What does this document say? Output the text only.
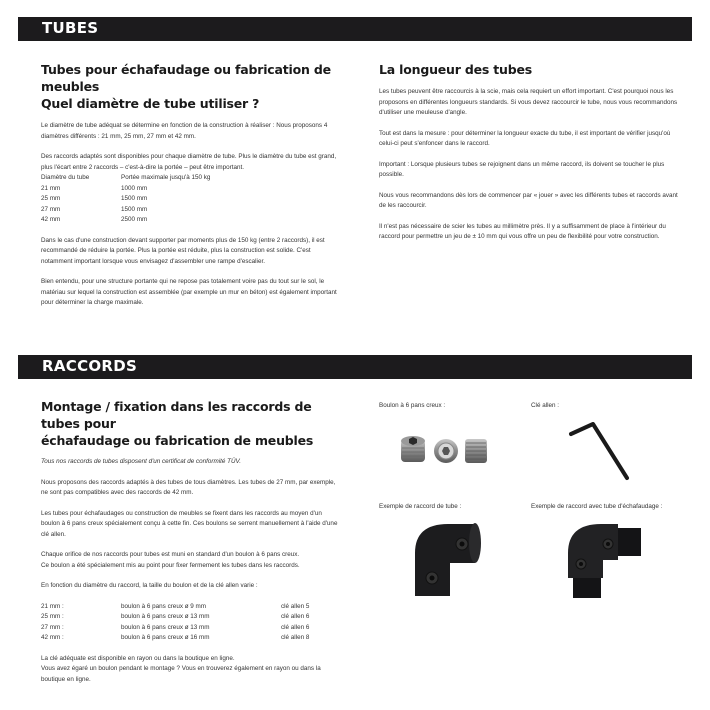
TUBES
Tubes pour échafaudage ou fabrication de meubles
Quel diamètre de tube utiliser ?

Le diamètre de tube adéquat se détermine en fonction de la construction à réaliser : Nous proposons 4 diamètres différents : 21 mm, 25 mm, 27 mm et 42 mm.

Des raccords adaptés sont disponibles pour chaque diamètre de tube. Plus le diamètre du tube est grand, plus l'écart entre 2 raccords – c'est-à-dire la portée – peut être important.

Diamètre du tube	Portée maximale jusqu'à 150 kg
21 mm	1000 mm
25 mm	1500 mm
27 mm	1500 mm
42 mm	2500 mm

Dans le cas d'une construction devant supporter par moments plus de 150 kg (entre 2 raccords), il est recommandé de réduire la portée. Plus la portée est réduite, plus la construction est solide. C'est notamment important lorsque vous envisagez d'assembler une rampe d'escalier.

Bien entendu, pour une structure portante qui ne repose pas totalement voire pas du tout sur le sol, le matériau sur lequel la construction est assemblée (par exemple un mur en béton) est également important pour déterminer la charge maximale.

La longueur des tubes

Les tubes peuvent être raccourcis à la scie, mais cela requiert un effort important. C'est pourquoi nous les proposons en différentes longueurs standards. Si vous devez raccourcir le tube, nous vous recommandons d'utiliser une meuleuse d'angle.

Tout est dans la mesure : pour déterminer la longueur exacte du tube, il est important de vérifier jusqu'où celui-ci peut s'enfoncer dans le raccord.

Important : Lorsque plusieurs tubes se rejoignent dans un même raccord, ils doivent se toucher le plus possible.

Nous vous recommandons dès lors de commencer par « jouer » avec les différents tubes et raccords avant de les raccourcir.

Il n'est pas nécessaire de scier les tubes au millimètre près. Il y a suffisamment de place à l'intérieur du raccord pour permettre un jeu de ± 10 mm qui vous offre un peu de flexibilité pour votre construction.

RACCORDS
Montage / fixation dans les raccords de tubes pour
échafaudage ou fabrication de meubles

Tous nos raccords de tubes disposent d'un certificat de conformité TÜV.

Nous proposons des raccords adaptés à des tubes de tous diamètres. Les tubes de 27 mm, par exemple, ne sont pas compatibles avec des raccords de 42 mm.

Les tubes pour échafaudages ou construction de meubles se fixent dans les raccords au moyen d'un boulon à 6 pans creux spécialement conçu à cette fin. Ces boulons se serrent manuellement à l'aide d'une clé allen.

Chaque orifice de nos raccords pour tubes est muni en standard d'un boulon à 6 pans creux.

Ce boulon a été spécialement mis au point pour fixer fermement les tubes dans les raccords.

En fonction du diamètre du raccord, la taille du boulon et de la clé allen varie :

21 mm :	boulon à 6 pans creux ø 9 mm	clé allen 5
25 mm :	boulon à 6 pans creux ø 13 mm	clé allen 6
27 mm :	boulon à 6 pans creux ø 13 mm	clé allen 6
42 mm :	boulon à 6 pans creux ø 16 mm	clé allen 8

La clé adéquate est disponible en rayon ou dans la boutique en ligne.

Vous avez égaré un boulon pendant le montage ? Vous en trouverez également en rayon ou dans la boutique en ligne.

Boulon à 6 pans creux :	Clé allen :
Exemple de raccord de tube :	Exemple de raccord avec tube d'échafaudage :
